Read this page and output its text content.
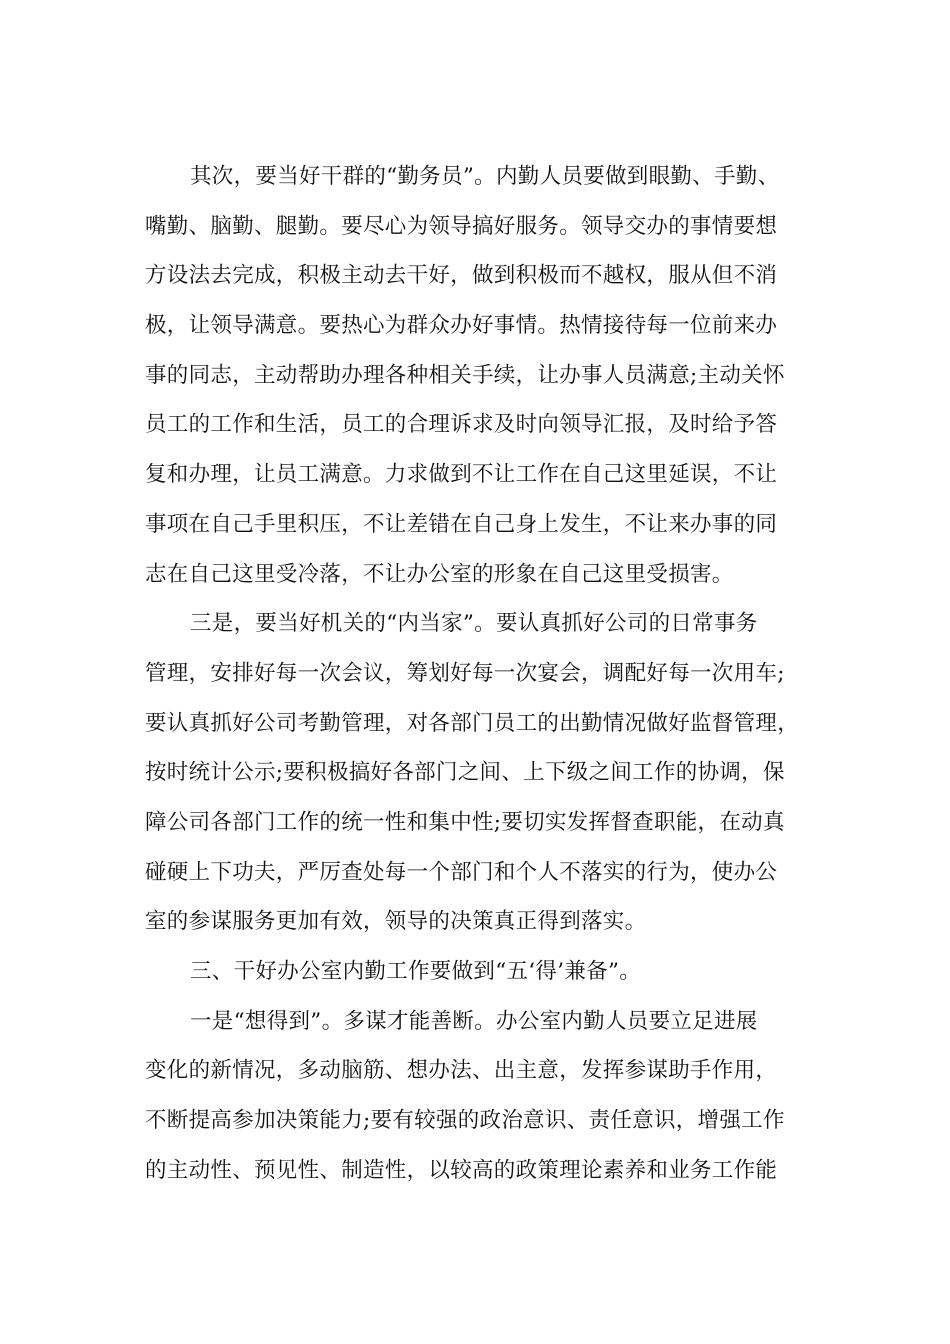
其次，要当好干群的“勤务员”。内勤人员要做到眼勤、手勤、
嘴勤、脑勤、腿勤。要尽心为领导搞好服务。领导交办的事情要想
方设法去完成，积极主动去干好，做到积极而不越权，服从但不消
极，让领导满意。要热心为群众办好事情。热情接待每一位前来办
事的同志，主动帮助办理各种相关手续，让办事人员满意;主动关怀
员工的工作和生活，员工的合理诉求及时向领导汇报，及时给予答
复和办理，让员工满意。力求做到不让工作在自己这里延误，不让
事项在自己手里积压，不让差错在自己身上发生，不让来办事的同
志在自己这里受冷落，不让办公室的形象在自己这里受损害。
三是，要当好机关的“内当家”。要认真抓好公司的日常事务
管理，安排好每一次会议，筹划好每一次宴会，调配好每一次用车;
要认真抓好公司考勤管理，对各部门员工的出勤情况做好监督管理，
按时统计公示;要积极搞好各部门之间、上下级之间工作的协调，保
障公司各部门工作的统一性和集中性;要切实发挥督查职能，在动真
碰硬上下功夫，严厉查处每一个部门和个人不落实的行为，使办公
室的参谋服务更加有效，领导的决策真正得到落实。
三、干好办公室内勤工作要做到“五‘得’兼备”。
一是“想得到”。多谋才能善断。办公室内勤人员要立足进展
变化的新情况，多动脑筋、想办法、出主意，发挥参谋助手作用，
不断提高参加决策能力;要有较强的政治意识、责任意识，增强工作
的主动性、预见性、制造性，以较高的政策理论素养和业务工作能
